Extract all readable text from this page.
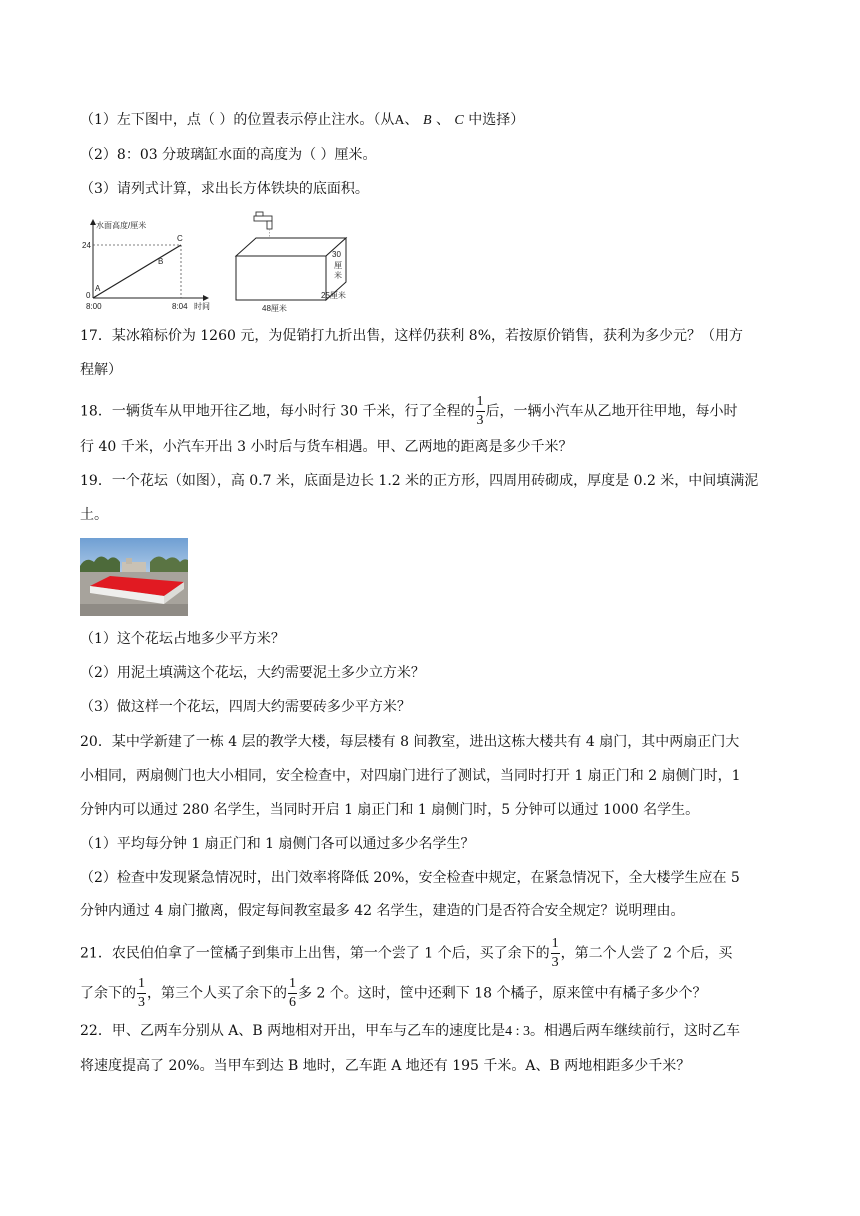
（1）左下图中，点（ ）的位置表示停止注水。（从A、 B 、 C 中选择）
（2）8：03 分玻璃缸水面的高度为（ ）厘米。
（3）请列式计算，求出长方体铁块的底面积。
水面高度/厘米
24
0
A
B
C
8:00	8:04 时间
30
厘
米
25厘米
48厘米
17．某冰箱标价为 1260 元，为促销打九折出售，这样仍获利 8%，若按原价销售，获利为多少元？（用方
程解）
18．一辆货车从甲地开往乙地，每小时行 30 千米，行了全程的 $\frac{1}{3}$ 后，一辆小汽车从乙地开往甲地，每小时
行 40 千米，小汽车开出 3 小时后与货车相遇。甲、乙两地的距离是多少千米？
19．一个花坛（如图），高 0.7 米，底面是边长 1.2 米的正方形，四周用砖砌成，厚度是 0.2 米，中间填满泥
土。
（1）这个花坛占地多少平方米？
（2）用泥土填满这个花坛，大约需要泥土多少立方米？
（3）做这样一个花坛，四周大约需要砖多少平方米？
20．某中学新建了一栋 4 层的教学大楼，每层楼有 8 间教室，进出这栋大楼共有 4 扇门，其中两扇正门大
小相同，两扇侧门也大小相同，安全检查中，对四扇门进行了测试，当同时打开 1 扇正门和 2 扇侧门时，1
分钟内可以通过 280 名学生，当同时开启 1 扇正门和 1 扇侧门时，5 分钟可以通过 1000 名学生。
（1）平均每分钟 1 扇正门和 1 扇侧门各可以通过多少名学生？
（2）检查中发现紧急情况时，出门效率将降低 20%，安全检查中规定，在紧急情况下，全大楼学生应在 5
分钟内通过 4 扇门撤离，假定每间教室最多 42 名学生，建造的门是否符合安全规定？说明理由。
21．农民伯伯拿了一筐橘子到集市上出售，第一个尝了 1 个后，买了余下的 $\frac{1}{3}$ ，第二个人尝了 2 个后，买
了余下的 $\frac{1}{3}$ ，第三个人买了余下的 $\frac{1}{6}$ 多 2 个。这时，筐中还剩下 18 个橘子，原来筐中有橘子多少个？
22．甲、乙两车分别从 A、B 两地相对开出，甲车与乙车的速度比是4 : 3。相遇后两车继续前行，这时乙车
将速度提高了 20%。当甲车到达 B 地时，乙车距 A 地还有 195 千米。A、B 两地相距多少千米？
